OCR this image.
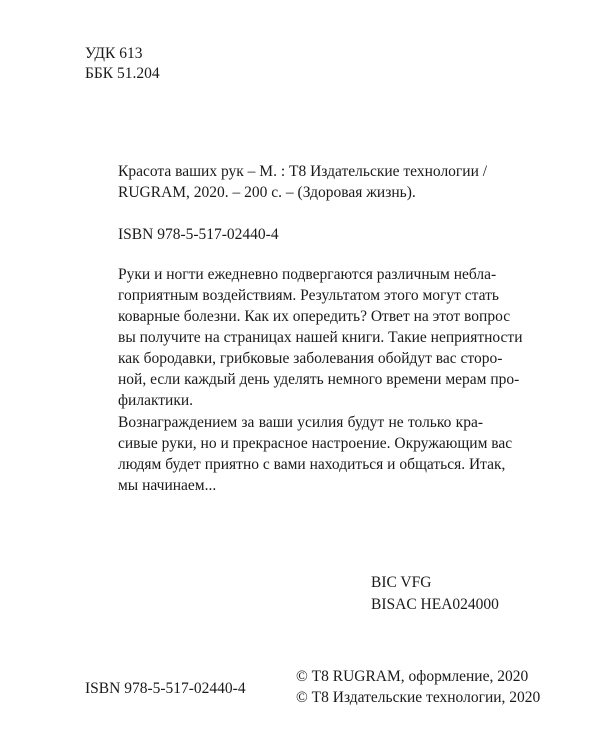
УДК 613
ББК 51.204
Красота ваших рук – М. : Т8 Издательские технологии /
RUGRAM, 2020. – 200 с. – (Здоровая жизнь).
ISBN 978-5-517-02440-4
Руки и ногти ежедневно подвергаются различным неблa-
гоприятным воздействиям. Результатом этого могут стать
коварные болезни. Как их опередить? Ответ на этот вопрос
вы получите на страницах нашей книги. Такие неприятности
как бородавки, грибковые заболевания обойдут вас сторо-
ной, если каждый день уделять немного времени мерам про-
филактики.
Вознаграждением за ваши усилия будут не только кра-
сивые руки, но и прекрасное настроение. Окружающим вас
людям будет приятно с вами находиться и общаться. Итак,
мы начинаем...
BIC VFG
BISAC HEA024000
ISBN 978-5-517-02440-4
© Т8 RUGRAM, оформление, 2020
© Т8 Издательские технологии, 2020
